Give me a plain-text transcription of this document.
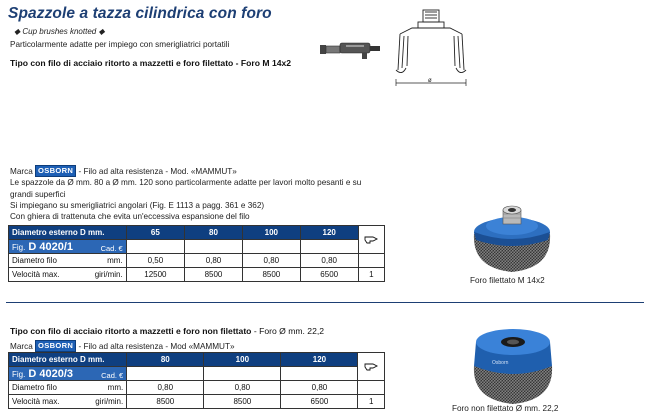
Spazzole a tazza cilindrica con foro
◆ Cup brushes knotted ◆
Particolarmente adatte per impiego con smerigliatrici portatili
ø
Tipo con filo di acciaio ritorto a mazzetti e foro filettato - Foro M 14x2
Marca OSBORN - Filo ad alta resistenza - Mod. «MAMMUT»
Le spazzole da Ø mm. 80 a Ø mm. 120 sono particolarmente adatte per lavori molto pesanti e su
grandi superfici
Si impiegano su smerigliatrici angolari (Fig. E 1113 a pagg. 361 e 362)
Con ghiera di trattenuta che evita un'eccessiva espansione del filo
Diametro esterno D mm.	65	80	100	120	
Fig. D 4020/1 Cad. €					

Diametro filo mm.	0,50	0,80	0,80	0,80	
Velocità max. giri/min.	12500	8500	8500	6500	1
Foro filettato M 14x2
Tipo con filo di acciaio ritorto a mazzetti e foro non filettato - Foro Ø mm. 22,2
Marca OSBORN - Filo ad alta resistenza - Mod «MAMMUT»
Diametro esterno D mm.	80	100	120	
Fig. D 4020/3 Cad. €				

Diametro filo mm.	0,80	0,80	0,80	
Velocità max. giri/min.	8500	8500	6500	1
Osborn
Foro non filettato Ø mm. 22,2
